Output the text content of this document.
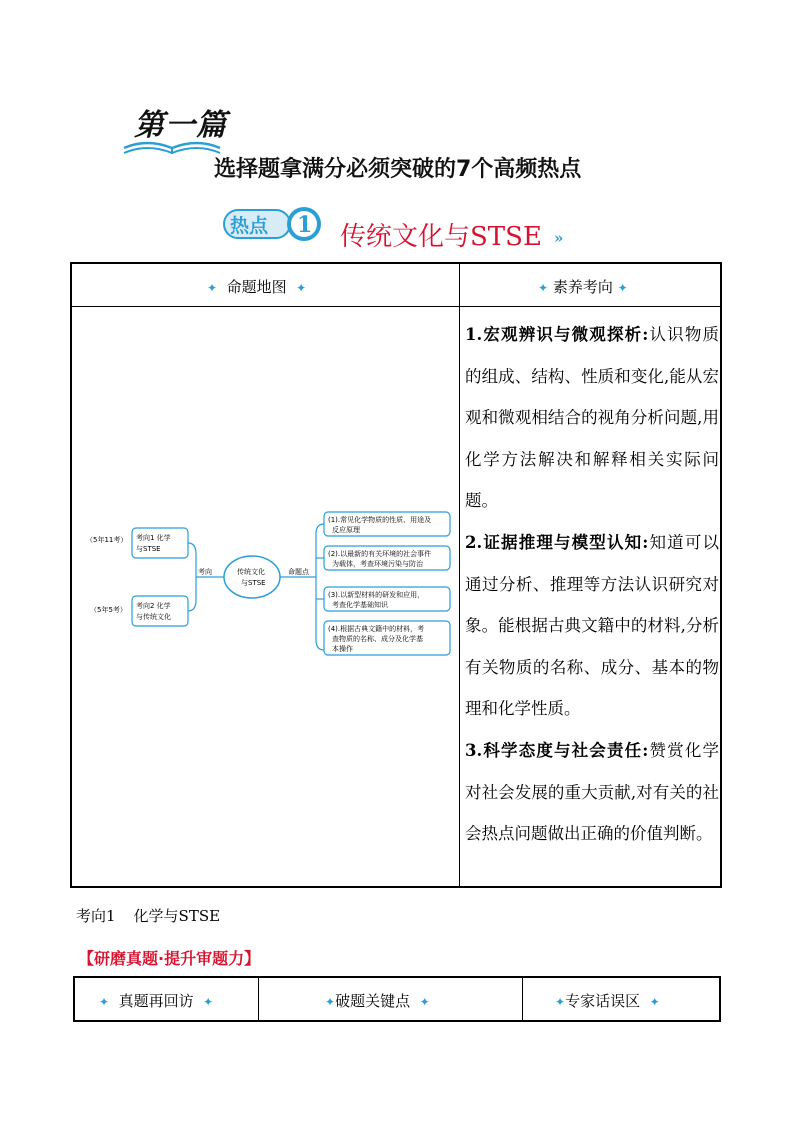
第一篇
选择题拿满分必须突破的7个高频热点
热点 1 传统文化与STSE »
✦ 命题地图 ✦	✦ 素养考向 ✦
（5年11考）
（5年5考）
考向1 化学
与STSE
考向2 化学
与传统文化
考向	传统文化
与STSE
命题点
(1).常见化学物质的性质、用途及
反应原理
(2).以最新的有关环境的社会事件
为载体，考查环境污染与防治
(3).以新型材料的研发和应用，
考查化学基础知识
(4).根据古典文籍中的材料，考
查物质的名称、成分及化学基
本操作

1.宏观辨识与微观探析:认识物质的组成、结构、性质和变化,能从宏观和微观相结合的视角分析问题,用化学方法解决和解释相关实际问题。

2.证据推理与模型认知:知道可以通过分析、推理等方法认识研究对象。能根据古典文籍中的材料,分析有关物质的名称、成分、基本的物理和化学性质。

3.科学态度与社会责任:赞赏化学对社会发展的重大贡献,对有关的社会热点问题做出正确的价值判断。

考向1 化学与STSE
【研磨真题·提升审题力】
✦ 真题再回访 ✦	✦破题关键点 ✦	✦专家话误区 ✦
